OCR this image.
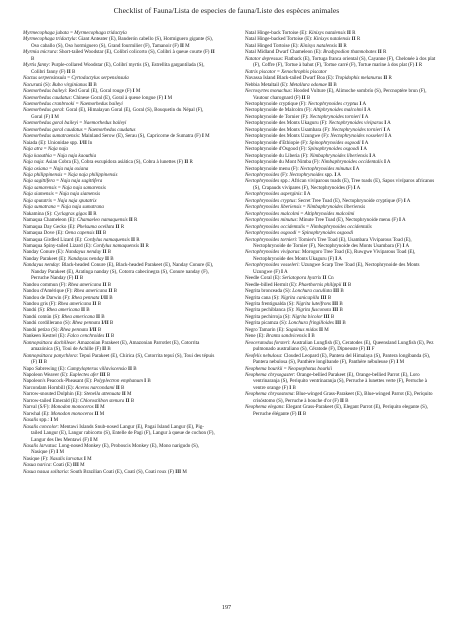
Checklist of Fauna/Lista de especies de fauna/Liste des espèces animales

Myrmecophaga jubata = Myrmecophaga tridactyla

Myrmecophaga tridactyla: Giant Anteater (E), Banderón cabello (S), Hormiguero gigante (S), Oso caballo (S), Oso hormiguero (S), Grand fourmilier (F), Tamanoir (F) II M

Myrmia micrura: Short-tailed Woodstar (E), Colibrí colicorto (S), Colibri à queue courte (F) II B

Myrtis fanny: Purple-collared Woodstar (E), Colibrí myrtis (S), Estrellita gargantilada (S), Colibri fanny (F) II B

Nactus serpensinsula = Cyrtodactylus serpensinsula

Nacurutú (S): Bubo virginianus II B

Naemorhedus baileyi: Red Goral (E), Goral rouge (F) I M

Naemorhedus caudatus: Chinese Goral (E), Goral à queue longue (F) I M

Naemorhedus cranbrooki = Naemorhedus baileyi

Naemorhedus goral: Goral (E), Himalayan Goral (E), Goral (S), Bouquetin du Népal (F), Goral (F) I M

Naemorhedus goral baileyi = Naemorhedus baileyi

Naemorhedus goral caudatus = Naemorhedus caudatus

Naemorhedus sumatraensis: Mainland Serow (E), Serau (S), Capricorne de Sumatra (F) I M

Naiada (E): Unionidae spp. I/II In

Naja atra = Naja naja

Naja kaouthia = Naja naja kaouthia

Naja naja: Asian Cobra (E), Cobra escupidora asiática (S), Cobra à lunettes (F) II R

Naja oxiana = Naja naja oxiana

Naja philippinensis = Naja naja philippinensis

Naja sagittifera = Naja naja sagittifera

Naja samarensis = Naja naja samarensis

Naja siamensis = Naja naja siamensis

Naja sputatrix = Naja naja sputatrix

Naja sumatrana = Naja naja sumatrana

Nakamina (S): Cyclagras gigas II R

Namaqua Chameleon (E): Chamaeleo namaquensis II R

Namaqua Day Gecko (E): Phelsuma ocellata II R

Namaqua Dove (E): Oena capensis III B

Namaqua Girdled Lizard (E): Cordylus namaquensis II R

Namaqua Spiny-tailed Lizard (E): Cordylus namaquensis II R

Nanday Conure (E): Nandayus nenday II B

Nanday Parakeet (E): Nandayus nenday II B

Nandayus nenday: Black-headed Conure (E), Black-headed Parakeet (E), Nanday Conure (E), Nanday Parakeet (E), Aratinga nanday (S), Cotorra cabecinegra (S), Conure nanday (F), Perruche Nanday (F) II B

Nandou commun (F): Rhea americana II B

Nandou d'Amérique (F): Rhea americana II B

Nandou de Darwin (F): Rhea pennata I/II B

Nandou gris (F): Rhea americana II B

Nandú (S): Rhea americana II B

Nandú común (S): Rhea americana II B

Nandú cordillerano (S): Rhea pennata I/II B

Nandú petizo (S): Rhea pennata I/II B

Nankeen Kestrel (E): Falco cenchroides II B

Nannopsittaca dachilleae: Amazonian Parakeet (E), Amazonian Parrotlet (E), Cotorrita amazónica (S), Toui de Achille (F) II B

Nannopsittaca panychlora: Tepui Parakeet (E), Chirica (S), Cotorrita tepuí (S), Toui des tépuis (F) II B

Napo Sabrewing (E): Campylopterus villaviscensio II B

Napoleon Weaver (E): Euplectes afer III B

Napoleon's Peacock-Pheasant (E): Polyplectron emphanum I B

Narcondam Hornbill (E): Aceros narcondami II B

Narrow-snouted Dolphin (E): Stenella attenuata II M

Narrow-tailed Emerald (E): Chlorostilbon stenura II B

Narval (S/F): Monodon monoceros II M

Narwhal (E): Monodon monoceros II M

Nasalis spp.: I M

Nasalis concolor: Mentawi Islands Snub-nosed Langur (E), Pagai Island Langur (E), Pig-tailed Langur (E), Langur rabicorto (S), Entelle de Pagi (F), Langur à queue de cochon (F), Langur des Iles Mentawi (F) I M

Nasalis larvatus: Long-nosed Monkey (E), Proboscis Monkey (E), Mono narigudo (S), Nasique (F) I M

Nasique (F): Nasalis larvatus I M

Nasua narica: Coati (E) III M

Nasua nasua solitaria: South Brazilian Coati (E), Coatí (S), Coati roux (F) III M

Natal Hinge-back Tortoise (E): Kinixys natalensis II R

Natal Hinge-backed Tortoise (E): Kinixys natalensis II R

Natal Hinged Tortoise (E): Kinixys natalensis II R

Natal Midland Dwarf Chameleon (E): Bradypodion thamnobates II R

Natator depressus: Flatback (E), Tortuga franca oriental (S), Cayanne (F), Chelonée à dos plat (F), Coffre (F), Tortue à bahut (F), Tortue carré (F), Tortue marine à dos plat (F) I R

Natrix piscator = Xenochrophis piscator

Navassa Island Black-tailed Dwarf Boa (E): Tropidophis melanurus II R

Nebbia Metaltail (E): Metallura odomae II B

Necrosyrtes monachus: Hooded Vulture (E), Alimoche sombrío (S), Percnoptère brun (F), Vautour charognard (F) II B

Nectophrynoide cryptique (F): Nectophrynoides cryptus I A

Nectophrynoide de Malcolm (F): Altiphrynoides malcolmi I A

Nectophrynoide de Tornier (F): Nectophrynoides tornieri I A

Nectophrynoide des Monts Ukaguru (F): Nectophrynoides viviparus I A

Nectophrynoide des Monts Usambara (F): Nectophrynoides tornieri I A

Nectophrynoide des Monts Uzungwe (F): Nectophrynoides vosseleri I A

Nectophrynoide d'Ethiopie (F): Spinophrynoides osgoodi I A

Nectophrynoide d'Osgood (F): Spinophrynoides osgoodi I A

Nectophrynoide du Liberia (F): Nimbaphrynoides liberiensis I A

Nectophrynoide du Mont Nimba (F): Nimbaphrynoides occidentalis I A

Nectophrynoide menu (F): Nectophrynoides minutus I A

Nectophrynoides (F): Nectophrynoides spp. I A

Nectophrynoides spp.: African viviparous toads (E), Tree toads (E), Sapos vivíparos africanos (S), Crapauds vivipares (F), Nectophrynoides (F) I A

Nectophrynoides asperginis: I A

Nectophrynoides cryptus: Secret Tree Toad (E), Nectophrynoide cryptique (F) I A

Nectophrynoides liberiensis = Nimbaphrynoides liberiensis

Nectophrynoides malcolmi = Altiphrynoides malcolmi

Nectophrynoides minutus: Minute Tree Toad (E), Nectophrynoide menu (F) I A

Nectophrynoides occidentalis = Nimbaphrynoides occidentalis

Nectophrynoides osgoodi = Spinophrynoides osgoodi

Nectophrynoides tornieri: Tornier's Tree Toad (E), Usambara Viviparous Toad (E), Nectophrynoide de Tornier (F), Nectophrynoide des Monts Usambara (F) I A

Nectophrynoides viviparus: Morogoro Tree Toad (E), Ruwgwe Viviparous Toad (E), Nectophrynoide des Monts Ukaguru (F) I A

Nectophrynoides vosseleri: Uzungwe Scarp Tree Toad (E), Nectophrynoide des Monts Uzungwe (F) I A

Needle Coral (E): Seriatopora hystrix II Cn

Needle-billed Hermit (E): Phaethornis philippii II B

Negrita bronceada (S): Lonchura cucullata III B

Negrita cana (S): Nigrita canicapilla III B

Negrita frentigualda (S): Nigrita luteifrons III B

Negrita pechiblanca (S): Nigrita fusconota III B

Negrita pechirroja (S): Nigrita bicolor III B

Negrita picamza (S): Lonchura fringilloides III B

Negro Tamarin (E): Saguinus midas II M

Nene (E): Branta sandvicensis I B

Neoceratodus forsteri: Australian Lungfish (E), Ceratodes (E), Queensland Lungfish (E), Pez pulmonado australiano (S), Cératode (F), Dipneuste (F) II F

Neofelis nebulosa: Clouded Leopard (E), Pantera del Himalaya (S), Pantera longibanda (S), Pantera nebulosa (S), Panthère longibande (F), Panthère nébuleuse (F) I M

Neophema bourkii = Neopsephotus bourkii

Neophema chrysogaster: Orange-bellied Parakeet (E), Orange-bellied Parrot (E), Loro ventrinaranja (S), Periquito ventrinaranja (S), Perruche à lunettes verte (F), Perruche à ventre orange (F) I B

Neophema chrysostoma: Blue-winged Grass-Parakeet (E), Blue-winged Parrot (E), Periquito crisóstomo (S), Perruche à bouche d'or (F) II B

Neophema elegans: Elegant Grass-Parakeet (E), Elegant Parrot (E), Periquito elegante (S), Perruche élégante (F) II B

197
